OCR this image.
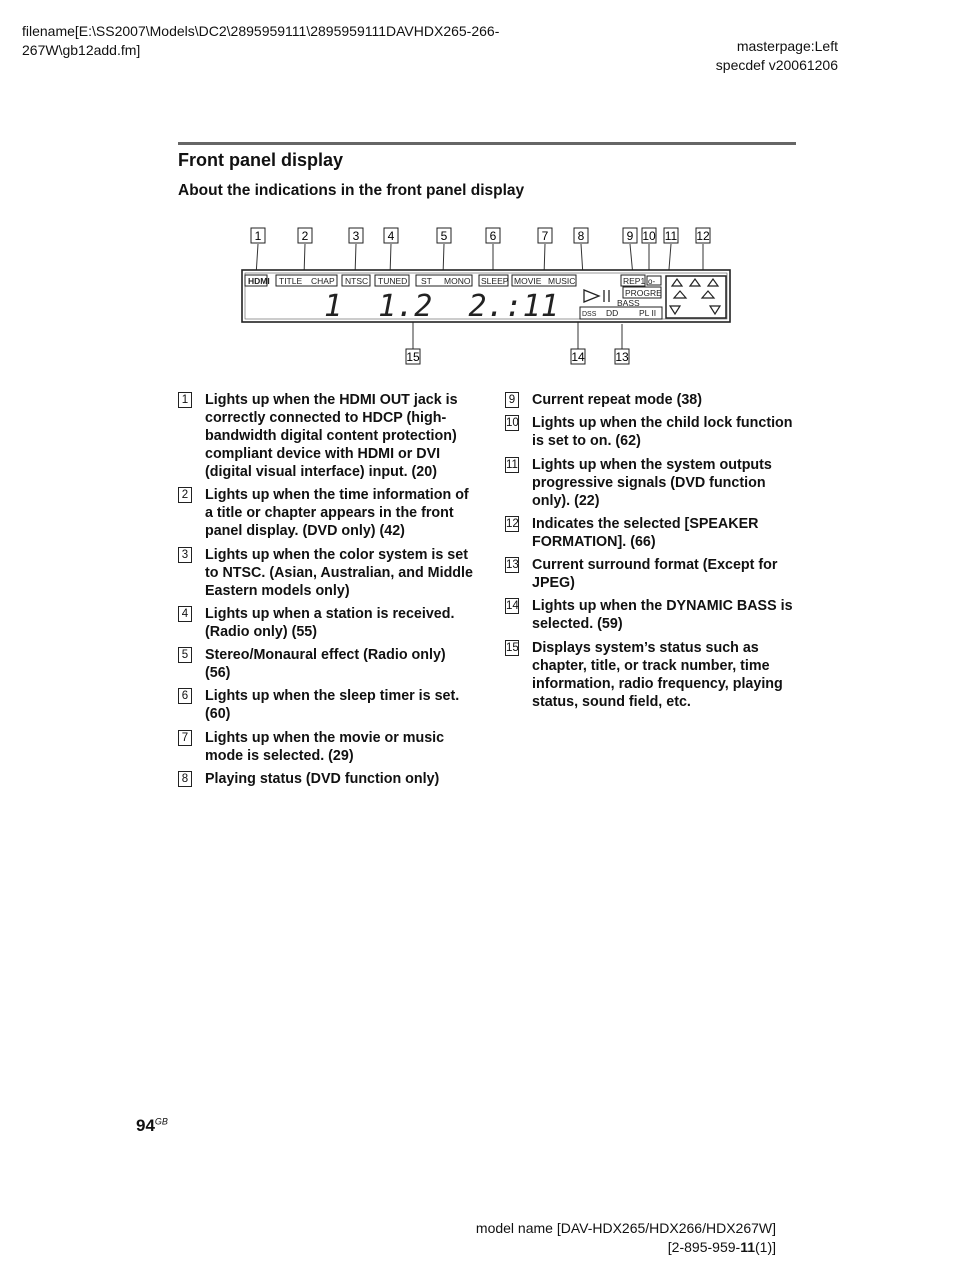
filename[E:\SS2007\Models\DC2\2895959111\2895959111DAVHDX265-266-
267W\gb12add.fm]	masterpage:Left
specdef v20061206
Front panel display
About the indications in the front panel display
1	2	3 4	5	6	7 8	9 10 11 12
HDMI TITLE CHAP NTSC TUNED ST MONO SLEEP MOVIE MUSIC	REP1 o-
PROGRE
BASS
DSS DD PL II
1  1.2  2.:11
15	14	13
1 Lights up when the HDMI OUT jack is correctly connected to HDCP (high-bandwidth digital content protection) compliant device with HDMI or DVI (digital visual interface) input. (20)
2 Lights up when the time information of a title or chapter appears in the front panel display. (DVD only) (42)
3 Lights up when the color system is set to NTSC. (Asian, Australian, and Middle Eastern models only)
4 Lights up when a station is received. (Radio only) (55)
5 Stereo/Monaural effect (Radio only) (56)
6 Lights up when the sleep timer is set. (60)
7 Lights up when the movie or music mode is selected. (29)
8 Playing status (DVD function only)
9 Current repeat mode (38)
10 Lights up when the child lock function is set to on. (62)
11 Lights up when the system outputs progressive signals (DVD function only). (22)
12 Indicates the selected [SPEAKER FORMATION]. (66)
13 Current surround format (Except for JPEG)
14 Lights up when the DYNAMIC BASS is selected. (59)
15 Displays system’s status such as chapter, title, or track number, time information, radio frequency, playing status, sound field, etc.
$94^{GB}$
model name [DAV-HDX265/HDX266/HDX267W]
[2-895-959-11(1)]
